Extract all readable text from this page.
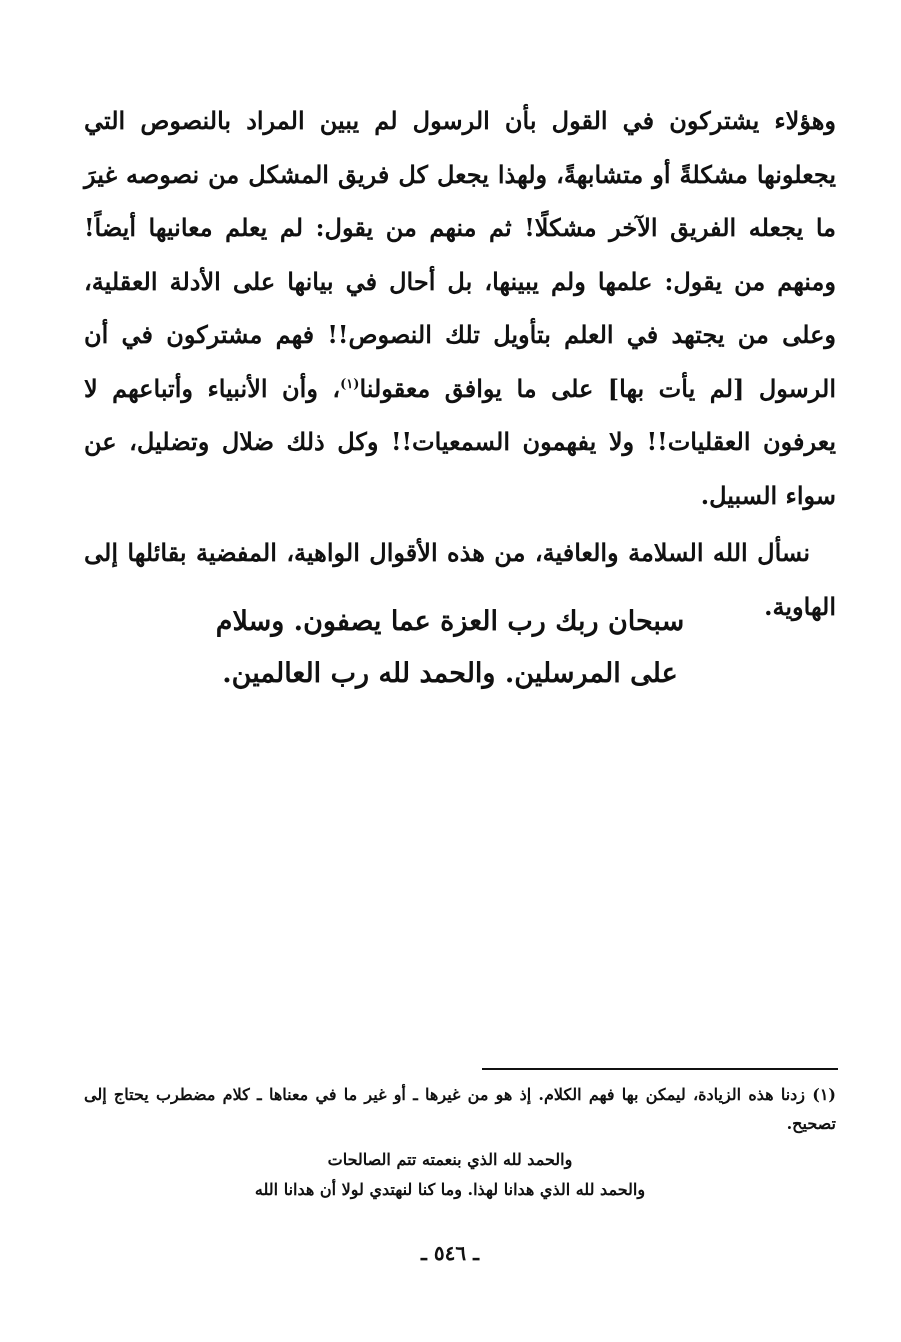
وهؤلاء يشتركون في القول بأن الرسول لم يبين المراد بالنصوص التي يجعلونها مشكلةً أو متشابهةً، ولهذا يجعل كل فريق المشكل من نصوصه غيرَ ما يجعله الفريق الآخر مشكلًا! ثم منهم من يقول: لم يعلم معانيها أيضاً! ومنهم من يقول: علمها ولم يبينها، بل أحال في بيانها على الأدلة العقلية، وعلى من يجتهد في العلم بتأويل تلك النصوص!! فهم مشتركون في أن الرسول [لم يأت بها] على ما يوافق معقولنا$^{(١)}$، وأن الأنبياء وأتباعهم لا يعرفون العقليات!! ولا يفهمون السمعيات!! وكل ذلك ضلال وتضليل، عن سواء السبيل.

نسأل الله السلامة والعافية، من هذه الأقوال الواهية، المفضية بقائلها إلى الهاوية.

سبحان ربك رب العزة عما يصفون. وسلام
على المرسلين. والحمد لله رب العالمين.
(١) زدنا هذه الزيادة، ليمكن بها فهم الكلام. إذ هو من غيرها ـ أو غير ما في معناها ـ كلام مضطرب يحتاج إلى تصحيح.
والحمد لله الذي بنعمته تتم الصالحات
والحمد لله الذي هدانا لهذا. وما كنا لنهتدي لولا أن هدانا الله
ـ ٥٤٦ ـ
